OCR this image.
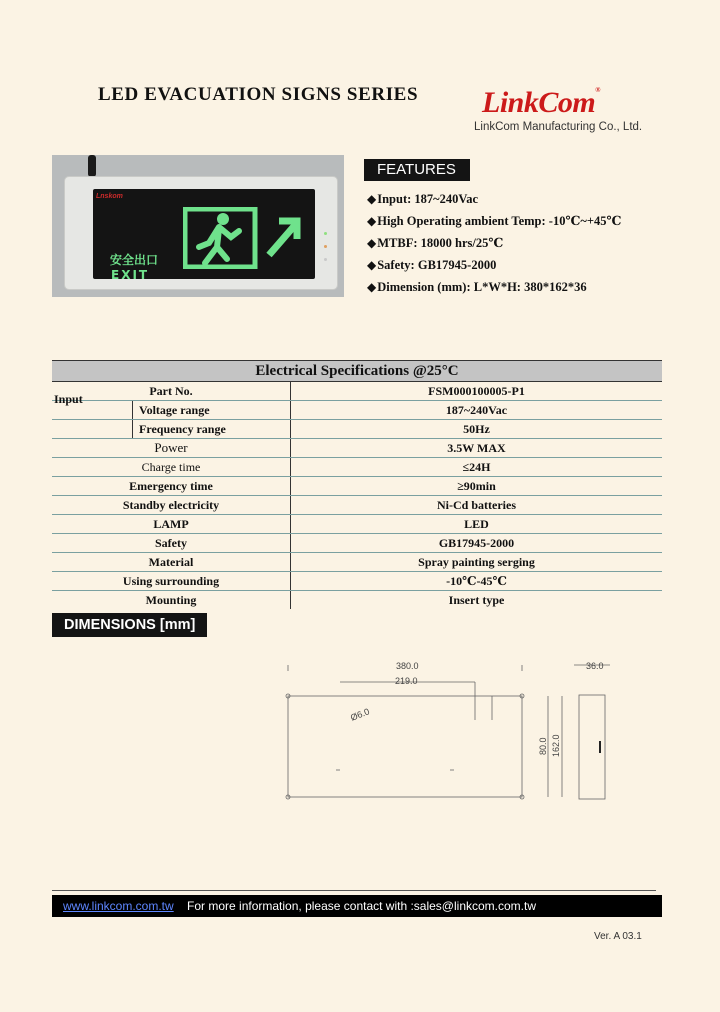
LED EVACUATION SIGNS SERIES LinkCom®
LinkCom Manufacturing Co., Ltd.
Lnskom
安全出口
EXIT
FEATURES
◆ Input: 187~240Vac
◆ High Operating ambient Temp: -10℃~+45℃
◆ MTBF: 18000 hrs/25℃
◆ Safety: GB17945-2000
◆ Dimension (mm): L*W*H: 380*162*36
Electrical Specifications @25°C
Part No.	FSM000100005-P1
Voltage range	187~240Vac
Frequency range	50Hz
Input
Power	3.5W MAX
Charge time	≤24H
Emergency time	≥90min
Standby electricity	Ni-Cd batteries
LAMP	LED
Safety	GB17945-2000
Material	Spray painting serging
Using surrounding	-10℃-45℃
Mounting	Insert type
DIMENSIONS [mm]
380.0
219.0
36.0
Ø6.0
80.0 162.0
www.linkcom.com.tw For more information, please contact with :sales@linkcom.com.tw
Ver. A 03.1
